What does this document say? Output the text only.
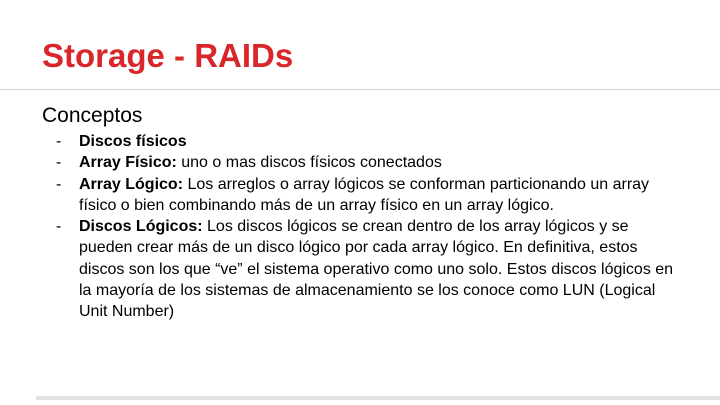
Storage - RAIDs
Conceptos
- Discos físicos
- Array Físico: uno o mas discos físicos conectados
- Array Lógico: Los arreglos o array lógicos se conforman particionando un array físico o bien combinando más de un array físico en un array lógico.
- Discos Lógicos: Los discos lógicos se crean dentro de los array lógicos y se pueden crear más de un disco lógico por cada array lógico. En definitiva, estos discos son los que “ve” el sistema operativo como uno solo. Estos discos lógicos en la mayoría de los sistemas de almacenamiento se los conoce como LUN (Logical Unit Number)
